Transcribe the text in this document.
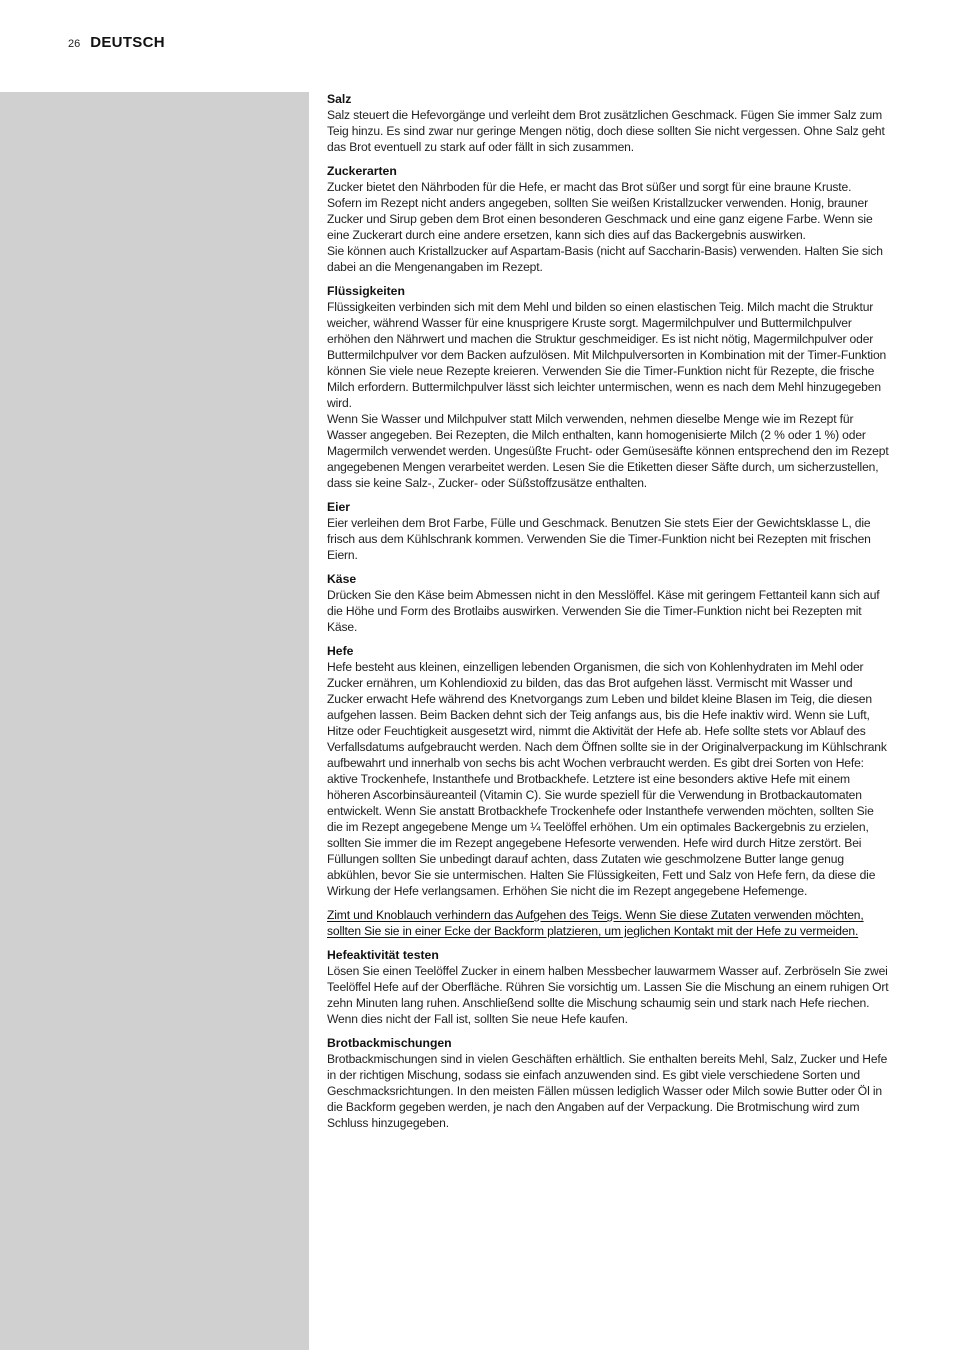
26 DEUTSCH
Salz

Salz steuert die Hefevorgänge und verleiht dem Brot zusätzlichen Geschmack. Fügen Sie immer Salz zum Teig hinzu. Es sind zwar nur geringe Mengen nötig, doch diese sollten Sie nicht vergessen. Ohne Salz geht das Brot eventuell zu stark auf oder fällt in sich zusammen.

Zuckerarten

Zucker bietet den Nährboden für die Hefe, er macht das Brot süßer und sorgt für eine braune Kruste. Sofern im Rezept nicht anders angegeben, sollten Sie weißen Kristallzucker verwenden. Honig, brauner Zucker und Sirup geben dem Brot einen besonderen Geschmack und eine ganz eigene Farbe. Wenn sie eine Zuckerart durch eine andere ersetzen, kann sich dies auf das Backergebnis auswirken.

Sie können auch Kristallzucker auf Aspartam-Basis (nicht auf Saccharin-Basis) verwenden. Halten Sie sich dabei an die Mengenangaben im Rezept.

Flüssigkeiten

Flüssigkeiten verbinden sich mit dem Mehl und bilden so einen elastischen Teig. Milch macht die Struktur weicher, während Wasser für eine knusprigere Kruste sorgt. Magermilchpulver und Buttermilchpulver erhöhen den Nährwert und machen die Struktur geschmeidiger. Es ist nicht nötig, Magermilchpulver oder Buttermilchpulver vor dem Backen aufzulösen. Mit Milchpulversorten in Kombination mit der Timer-Funktion können Sie viele neue Rezepte kreieren. Verwenden Sie die Timer-Funktion nicht für Rezepte, die frische Milch erfordern. Buttermilchpulver lässt sich leichter untermischen, wenn es nach dem Mehl hinzugegeben wird.

Wenn Sie Wasser und Milchpulver statt Milch verwenden, nehmen dieselbe Menge wie im Rezept für Wasser angegeben. Bei Rezepten, die Milch enthalten, kann homogenisierte Milch (2 % oder 1 %) oder Magermilch verwendet werden. Ungesüßte Frucht- oder Gemüsesäfte können entsprechend den im Rezept angegebenen Mengen verarbeitet werden. Lesen Sie die Etiketten dieser Säfte durch, um sicherzustellen, dass sie keine Salz-, Zucker- oder Süßstoffzusätze enthalten.

Eier

Eier verleihen dem Brot Farbe, Fülle und Geschmack. Benutzen Sie stets Eier der Gewichtsklasse L, die frisch aus dem Kühlschrank kommen. Verwenden Sie die Timer-Funktion nicht bei Rezepten mit frischen Eiern.

Käse

Drücken Sie den Käse beim Abmessen nicht in den Messlöffel. Käse mit geringem Fettanteil kann sich auf die Höhe und Form des Brotlaibs auswirken. Verwenden Sie die Timer-Funktion nicht bei Rezepten mit Käse.

Hefe

Hefe besteht aus kleinen, einzelligen lebenden Organismen, die sich von Kohlenhydraten im Mehl oder Zucker ernähren, um Kohlendioxid zu bilden, das das Brot aufgehen lässt. Vermischt mit Wasser und Zucker erwacht Hefe während des Knetvorgangs zum Leben und bildet kleine Blasen im Teig, die diesen aufgehen lassen. Beim Backen dehnt sich der Teig anfangs aus, bis die Hefe inaktiv wird. Wenn sie Luft, Hitze oder Feuchtigkeit ausgesetzt wird, nimmt die Aktivität der Hefe ab. Hefe sollte stets vor Ablauf des Verfallsdatums aufgebraucht werden. Nach dem Öffnen sollte sie in der Originalverpackung im Kühlschrank aufbewahrt und innerhalb von sechs bis acht Wochen verbraucht werden. Es gibt drei Sorten von Hefe: aktive Trockenhefe, Instanthefe und Brotbackhefe. Letztere ist eine besonders aktive Hefe mit einem höheren Ascorbinsäureanteil (Vitamin C). Sie wurde speziell für die Verwendung in Brotbackautomaten entwickelt. Wenn Sie anstatt Brotbackhefe Trockenhefe oder Instanthefe verwenden möchten, sollten Sie die im Rezept angegebene Menge um ¼ Teelöffel erhöhen. Um ein optimales Backergebnis zu erzielen, sollten Sie immer die im Rezept angegebene Hefesorte verwenden. Hefe wird durch Hitze zerstört. Bei Füllungen sollten Sie unbedingt darauf achten, dass Zutaten wie geschmolzene Butter lange genug abkühlen, bevor Sie sie untermischen. Halten Sie Flüssigkeiten, Fett und Salz von Hefe fern, da diese die Wirkung der Hefe verlangsamen. Erhöhen Sie nicht die im Rezept angegebene Hefemenge.

Zimt und Knoblauch verhindern das Aufgehen des Teigs. Wenn Sie diese Zutaten verwenden möchten, sollten Sie sie in einer Ecke der Backform platzieren, um jeglichen Kontakt mit der Hefe zu vermeiden.

Hefeaktivität testen

Lösen Sie einen Teelöffel Zucker in einem halben Messbecher lauwarmem Wasser auf. Zerbröseln Sie zwei Teelöffel Hefe auf der Oberfläche. Rühren Sie vorsichtig um. Lassen Sie die Mischung an einem ruhigen Ort zehn Minuten lang ruhen. Anschließend sollte die Mischung schaumig sein und stark nach Hefe riechen. Wenn dies nicht der Fall ist, sollten Sie neue Hefe kaufen.

Brotbackmischungen

Brotbackmischungen sind in vielen Geschäften erhältlich. Sie enthalten bereits Mehl, Salz, Zucker und Hefe in der richtigen Mischung, sodass sie einfach anzuwenden sind. Es gibt viele verschiedene Sorten und Geschmacksrichtungen. In den meisten Fällen müssen lediglich Wasser oder Milch sowie Butter oder Öl in die Backform gegeben werden, je nach den Angaben auf der Verpackung. Die Brotmischung wird zum Schluss hinzugegeben.
